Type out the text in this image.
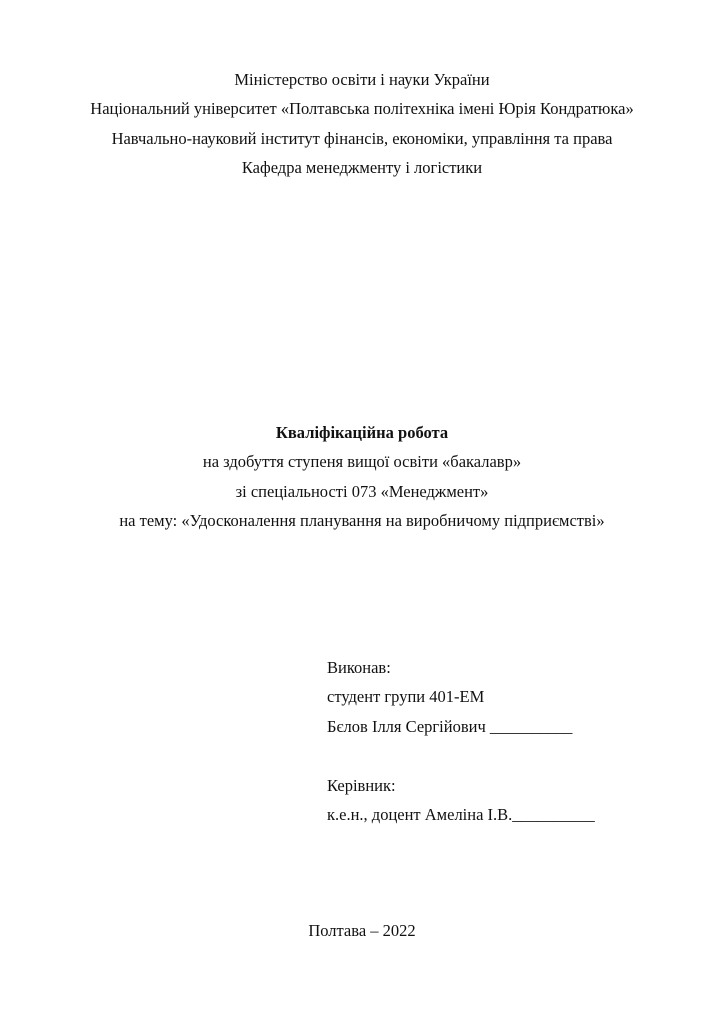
Міністерство освіти і науки України
Національний університет «Полтавська політехніка імені Юрія Кондратюка»
Навчально-науковий інститут фінансів, економіки, управління та права
Кафедра менеджменту і логістики
Кваліфікаційна робота
на здобуття ступеня вищої освіти «бакалавр»
зі спеціальності 073 «Менеджмент»
на тему: «Удосконалення планування на виробничому підприємстві»
Виконав:
студент групи 401-ЕМ
Бєлов Ілля Сергійович __________
Керівник:
к.е.н., доцент Амеліна І.В.__________
Полтава – 2022
